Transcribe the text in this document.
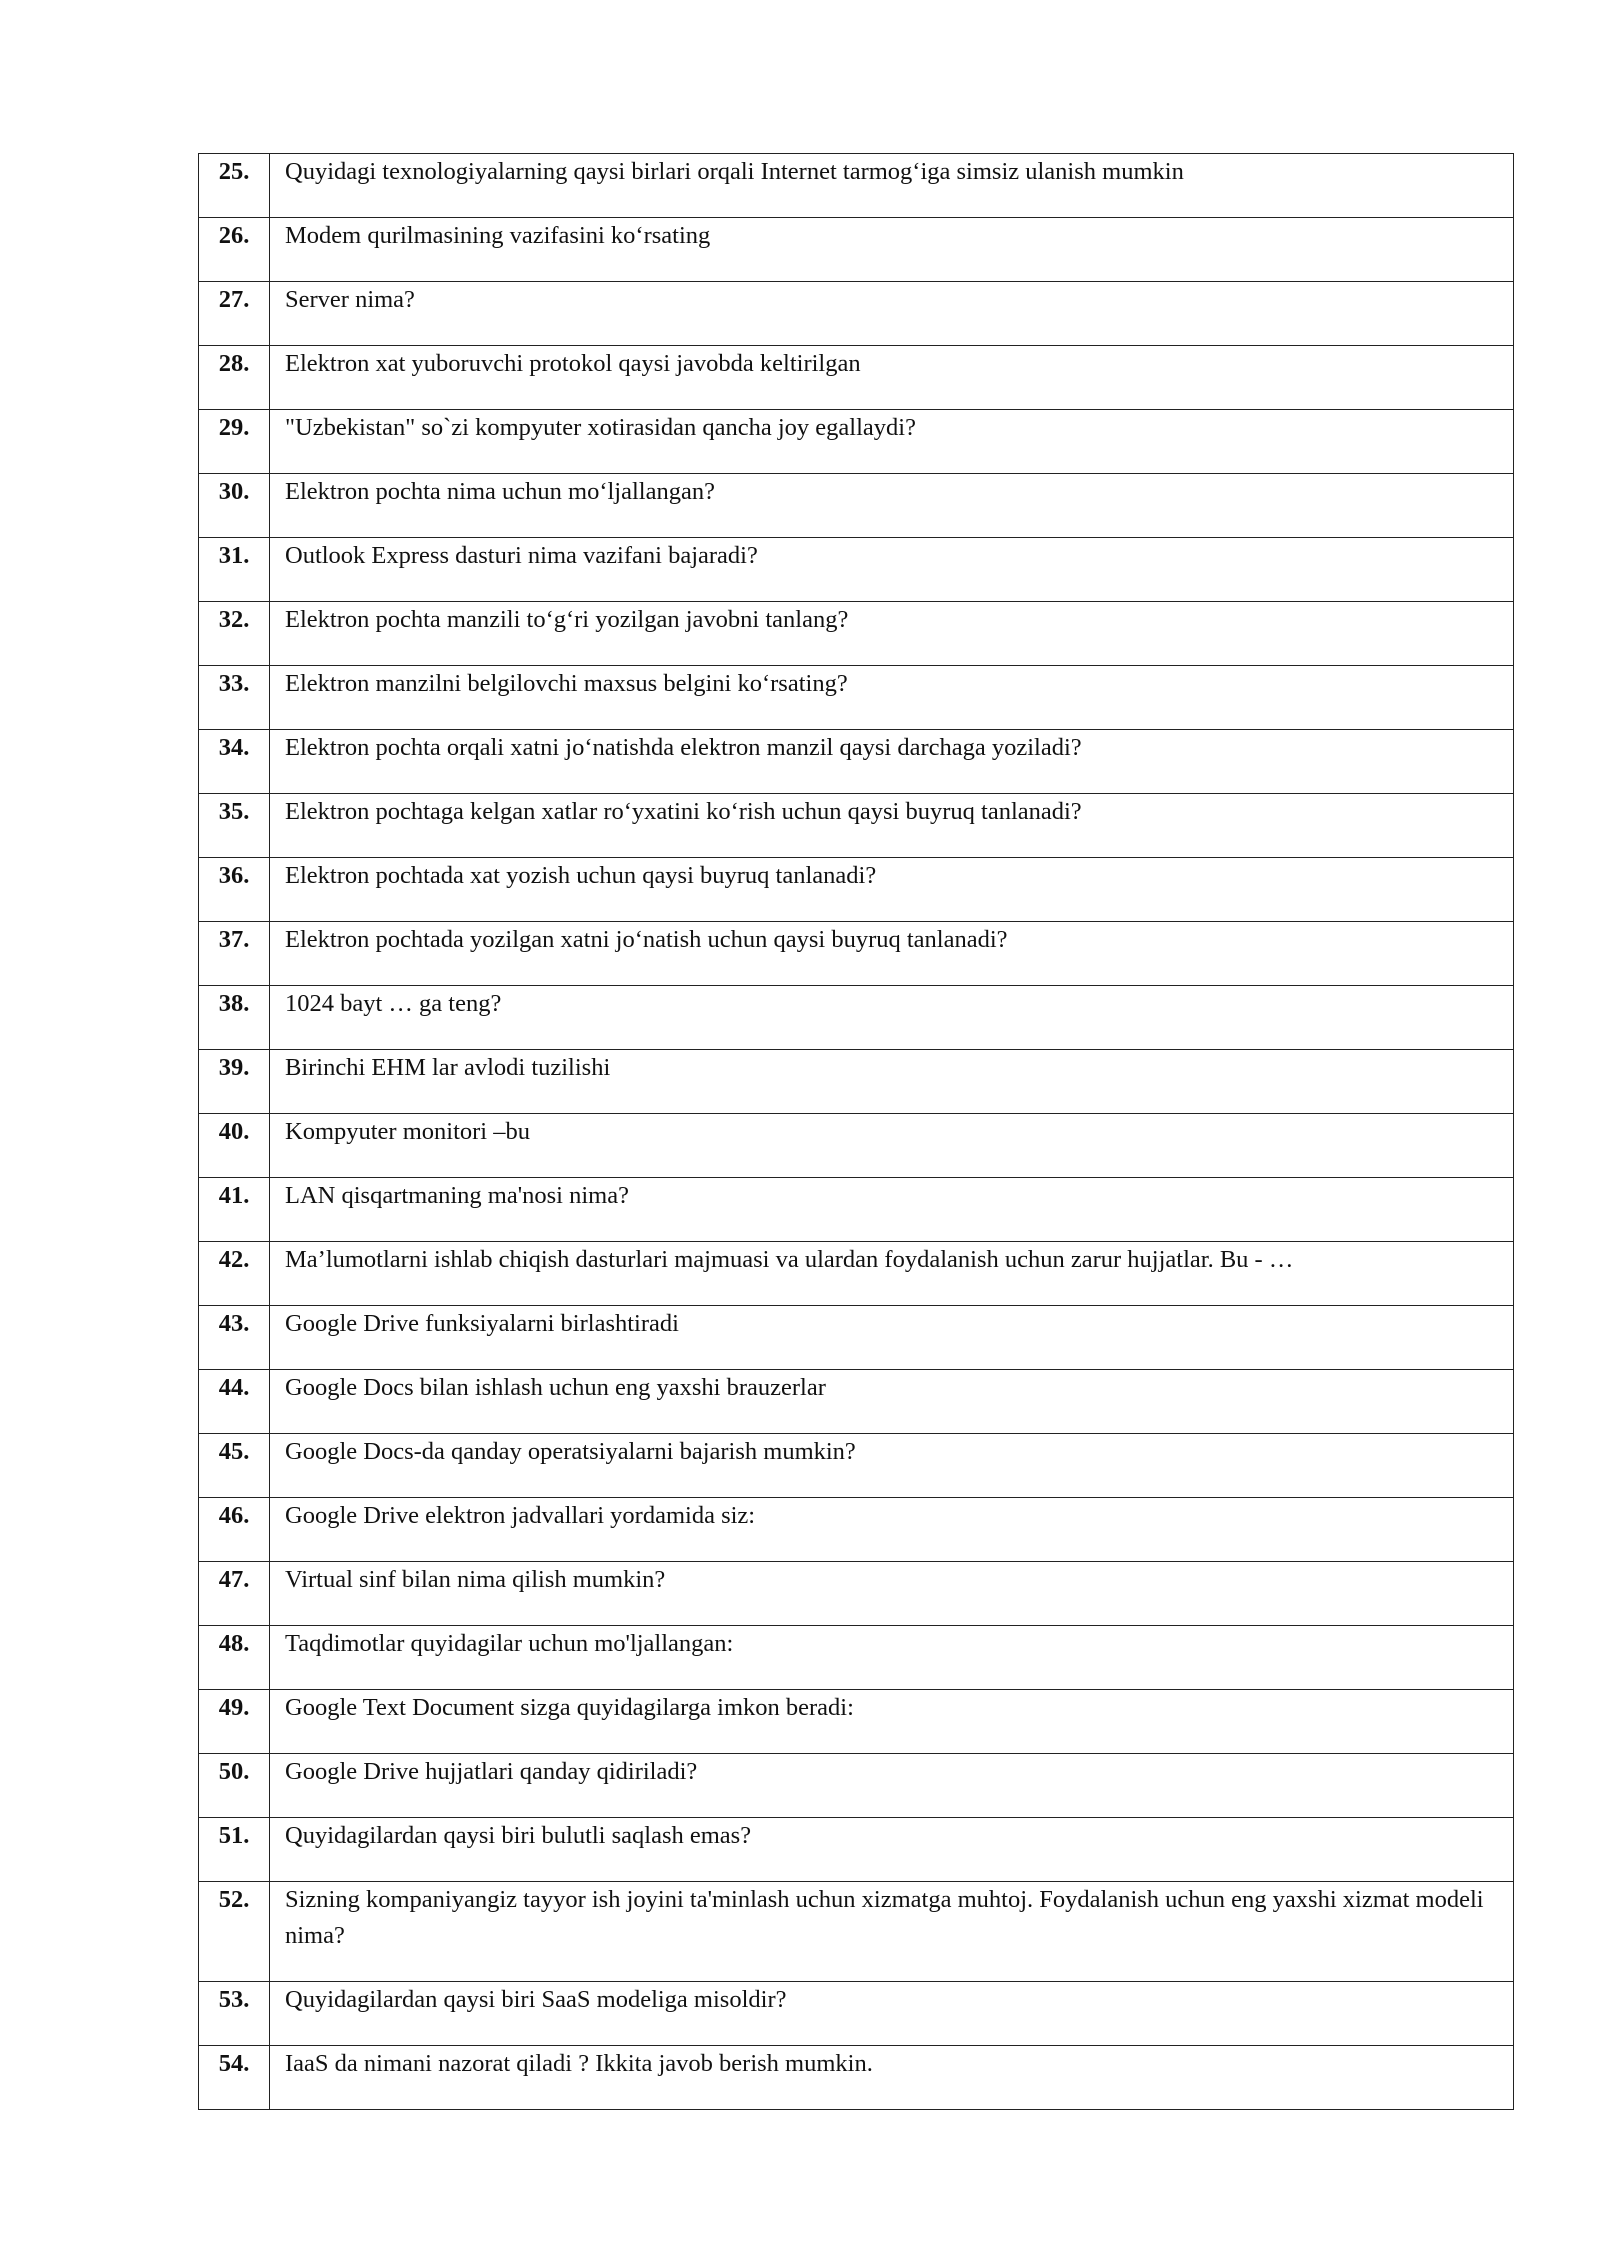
25.	Quyidagi texnologiyalarning qaysi birlari orqali Internet tarmog‘iga simsiz ulanish mumkin

26.	Modem qurilmasining vazifasini ko‘rsating

27.	Server nima?

28.	Elektron xat yuboruvchi protokol qaysi javobda keltirilgan

29.	"Uzbekistan" so`zi kompyuter xotirasidan qancha joy egallaydi?

30.	Elektron pochta nima uchun mo‘ljallangan?

31.	Outlook Express dasturi nima vazifani bajaradi?

32.	Elektron pochta manzili to‘g‘ri yozilgan javobni tanlang?

33.	Elektron manzilni belgilovchi maxsus belgini ko‘rsating?

34.	Elektron pochta orqali xatni jo‘natishda elektron manzil qaysi darchaga yoziladi?

35.	Elektron pochtaga kelgan xatlar ro‘yxatini ko‘rish uchun qaysi buyruq tanlanadi?

36.	Elektron pochtada xat yozish uchun qaysi buyruq tanlanadi?

37.	Elektron pochtada yozilgan xatni jo‘natish uchun qaysi buyruq tanlanadi?

38.	1024 bayt … ga teng?

39.	Birinchi EHM lar avlodi tuzilishi

40.	Kompyuter monitori –bu

41.	LAN qisqartmaning ma'nosi nima?

42.	Ma’lumotlarni ishlab chiqish dasturlari majmuasi va ulardan foydalanish uchun zarur hujjatlar. Bu - …

43.	Google Drive funksiyalarni birlashtiradi

44.	Google Docs bilan ishlash uchun eng yaxshi brauzerlar

45.	Google Docs-da qanday operatsiyalarni bajarish mumkin?

46.	Google Drive elektron jadvallari yordamida siz:

47.	Virtual sinf bilan nima qilish mumkin?

48.	Taqdimotlar quyidagilar uchun mo'ljallangan:

49.	Google Text Document sizga quyidagilarga imkon beradi:

50.	Google Drive hujjatlari qanday qidiriladi?

51.	Quyidagilardan qaysi biri bulutli saqlash emas?

52.	Sizning kompaniyangiz tayyor ish joyini ta'minlash uchun xizmatga muhtoj. Foydalanish uchun eng yaxshi xizmat modeli nima?

53.	Quyidagilardan qaysi biri SaaS modeliga misoldir?

54.	IaaS da nimani nazorat qiladi ? Ikkita javob berish mumkin.
